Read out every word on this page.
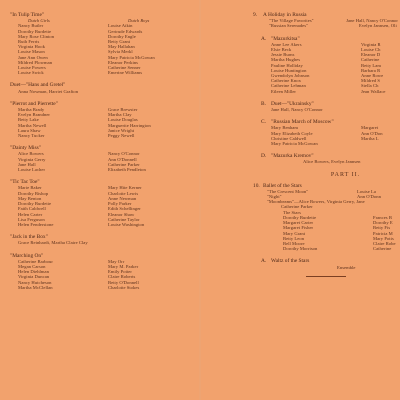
"In Tulip Time"
Dutch Girls	Dutch Boys
Nancy Butler	Louise Aikin
Dorothy Burdette	Gertrude Edwards
Mary Rose Clinton	Dorothy Engle
Ruth Ferris	Betty Grant
Virginia Hook	May Hallahan
Louise Mason	Sylvia Merkl
Jane Ann Owen	Mary Patricia McGowan
Mildred Plowman	Eleanor Perkins
Louise Powers	Catherine Senner
Louise Swick	Emerine Williams
Duet—"Hans and Gretel"
Anna Nowman, Harriet Grafton
"Pierrot and Pierrette"
Martha Brady	Grace Brewster
Evelyn Brandner	Martha Clay
Betty Lake	Louise Douglas
Martha Newell	Marguerite Harrington
Laura Shaw	Janice Wright
Nancy Tucker	Peggy Newell
"Dainty Miss"
Alice Bowers	Nancy O'Connor
Virginia Gerry	Ann O'Donnell
Jane Hall	Catherine Parker
Louise Lacher	Elizabeth Pendleton
"Tic Tac Toe"
Marie Baker	Mary Hite Kerner
Dorothy Bishop	Charlotte Lewis
May Benton	Anne Newman
Dorothy Burdette	Polly Parker
Faith Caldwell	Edith Schellinger
Helen Carter	Eleanor Shaw
Lisa Ferguson	Catherine Taylor
Helen Fenderstone	Louise Washington
"Jack in the Box"
Grace Reinhardt, Martha Claire Clay
"Marching On"
Catherine Barbour	May Orr
Megan Carson	Mary M. Parker
Helen Diehlman	Emily Potter
Virginia Duncan	Claire Roberts
Nancy Hutcheson	Betty O'Donnell
Martha McClellan	Charlotte Stokes
9. A Holiday in Russia
"The Village Favorites"	Jane Hall, Nancy O'Connor
"Russian Serenades"	Evelyn Jannsen, Oli
A. "Mazurkitsa"
Anne Lee Akers	Virginia R
Elsie Beck	Louise Ch
Jessie Burns	Eleanor D
Martha Hughes	Catherine
Pauline Holliday	Betty Lam
Louise Huntington	Barbara R
Gwendolyn Johnson	Anne Rowe
Catherine Knox	Mildred S
Catherine Lehman	Stella Ch
Eileen Miller	Jean Wallace
B. Duet—"Ukrainsky"
Jane Hall, Nancy O'Connor
C. "Russian March of Moscow"
Mary Benham	Margaret
Mary Elizabeth Coyle	Ann O'Don
Christine Caldwell	Martha L
Mary Patricia McGowan
D. "Mazurka Kremov"
Alice Bowers, Evelyn Jannsen
PART II.
10. Ballet of the Stars
"The Crescent Moon"	Louise La
"Night"	Ann O'Donn
"Moonbeams"—Alice Bowers, Virginia Gerry, Jane
Catherine Parker
The Stars
Dorothy Burdette	Frances B
Margaret Carter	Dorothy E
Margaret Fisher	Betty Fis
Mary Grant	Patricia M
Betty Leon	Mary Potts
Bell Moore	Claire Robe
Dorothy Morrison	Catherine
A. Waltz of the Stars
Ensemble
